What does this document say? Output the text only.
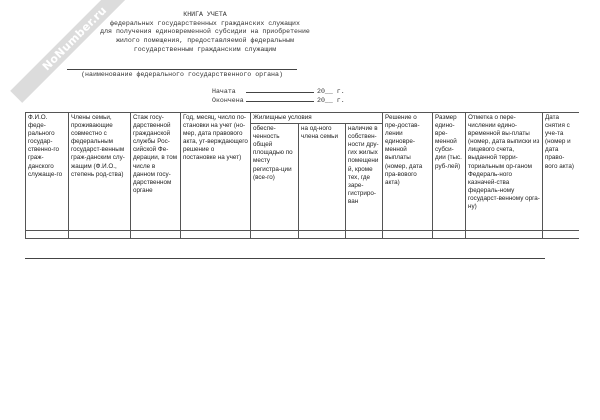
NoNumber.ru	КНИГА УЧЕТА
федеральных государственных гражданских служащих
для получения единовременной субсидии на приобретение
жилого помещения, предоставляемой федеральным
государственным гражданским служащим
(наименование федерального государственного органа)
Начата	20__ г.
Окончена	20__ г.
Ф.И.О. феде-рального государ-ственно-го граж-данского служаще-го	Члены семьи, проживающие совместно с федеральным государст-венным граж-данским слу-жащим (Ф.И.О., степень род-ства)	Стаж госу-дарственной гражданской службы Рос-сийской Фе-дерации, в том числе в данном госу-дарственном органе	Год, месяц, число по-становки на учет (но-мер, дата правового акта, ут-верждающего решение о постановке на учет)	Жилищные условия			Решение о пре-достав-лении единовре-менной выплаты (номер, дата пра-вового акта)	Размер едино-вре-менной субси-дии (тыс. руб-лей)	Отметка о пере-числении едино-временной вы-платы (номер, дата выписки из лицевого счета, выданной терри-ториальным ор-ганом Федераль-ного казначей-ства федераль-ному государст-венному орга-ну)	Дата снятия с уче-та (номер и дата право-вого акта)
				обеспе-ченность общей площадью по месту регистра-ции (все-го)	на од-ного члена семьи	наличие в собствен-ности дру-гих жилых помещений, кроме тех, где заре-гистриро-ван				
